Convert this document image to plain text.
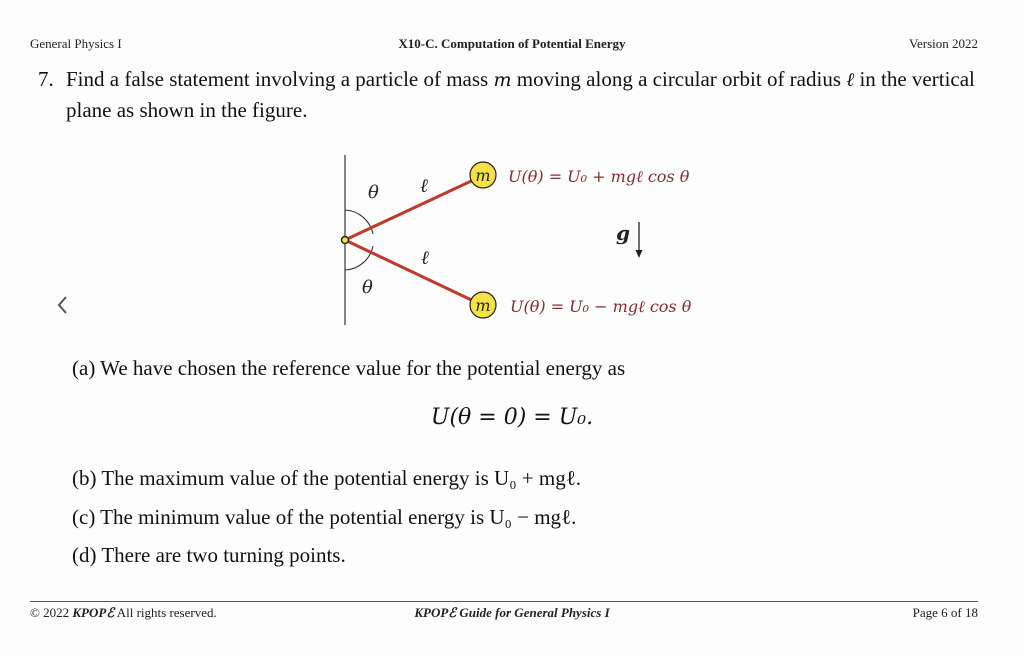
General Physics I	X10-C. Computation of Potential Energy	Version 2022
7. Find a false statement involving a particle of mass m moving along a circular orbit of radius ℓ in the vertical plane as shown in the figure.
m
m
θ
θ
ℓ
ℓ
U(θ) = U₀ + mgℓ cos θ
U(θ) = U₀ − mgℓ cos θ
g
(a) We have chosen the reference value for the potential energy as
U(θ = 0) = U₀.
(b) The maximum value of the potential energy is U₀ + mgℓ.
(c) The minimum value of the potential energy is U₀ − mgℓ.
(d) There are two turning points.
© 2022 KPOPℰ All rights reserved.	KPOPℰ Guide for General Physics I	Page 6 of 18
